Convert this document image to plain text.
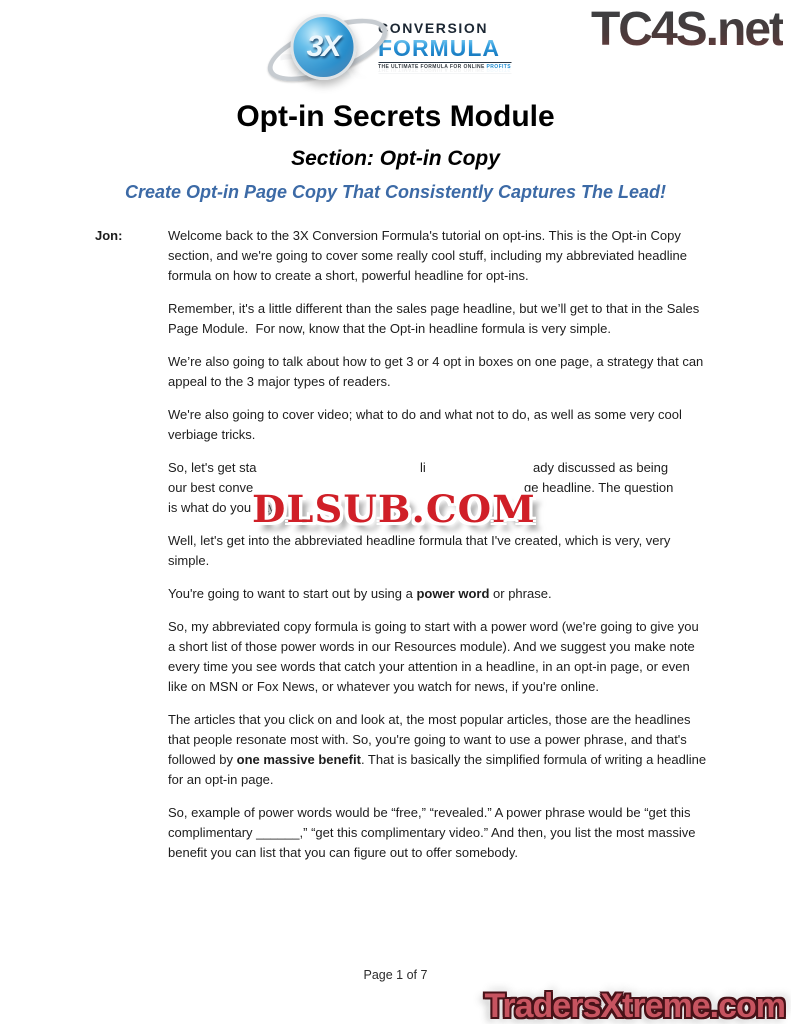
3X
CONVERSION
FORMULA
THE ULTIMATE FORMULA FOR ONLINE PROFITS
TC4S.net
Opt-in Secrets Module
Section: Opt-in Copy
Create Opt-in Page Copy That Consistently Captures The Lead!
Jon:	Welcome back to the 3X Conversion Formula's tutorial on opt-ins. This is the Opt-in Copy section, and we're going to cover some really cool stuff, including my abbreviated headline formula on how to create a short, powerful headline for opt-ins.
Remember, it's a little different than the sales page headline, but we’ll get to that in the Sales Page Module.  For now, know that the Opt-in headline formula is very simple.
We’re also going to talk about how to get 3 or 4 opt in boxes on one page, a strategy that can appeal to the 3 major types of readers.
We're also going to cover video; what to do and what not to do, as well as some very cool verbiage tricks.
So, let's get sta	li	ady discussed as being
our best conve	ge headline. The question
is what do you say?
Well, let's get into the abbreviated headline formula that I've created, which is very, very simple.
You're going to want to start out by using a power word or phrase.
So, my abbreviated copy formula is going to start with a power word (we're going to give you a short list of those power words in our Resources module). And we suggest you make note every time you see words that catch your attention in a headline, in an opt-in page, or even like on MSN or Fox News, or whatever you watch for news, if you're online.
The articles that you click on and look at, the most popular articles, those are the headlines that people resonate most with. So, you're going to want to use a power phrase, and that's followed by one massive benefit. That is basically the simplified formula of writing a headline for an opt-in page.
So, example of power words would be “free,” “revealed.” A power phrase would be “get this complimentary ______,” “get this complimentary video.” And then, you list the most massive benefit you can list that you can figure out to offer somebody.
DLSUB.COM
Page 1 of 7
TradersXtreme.com
